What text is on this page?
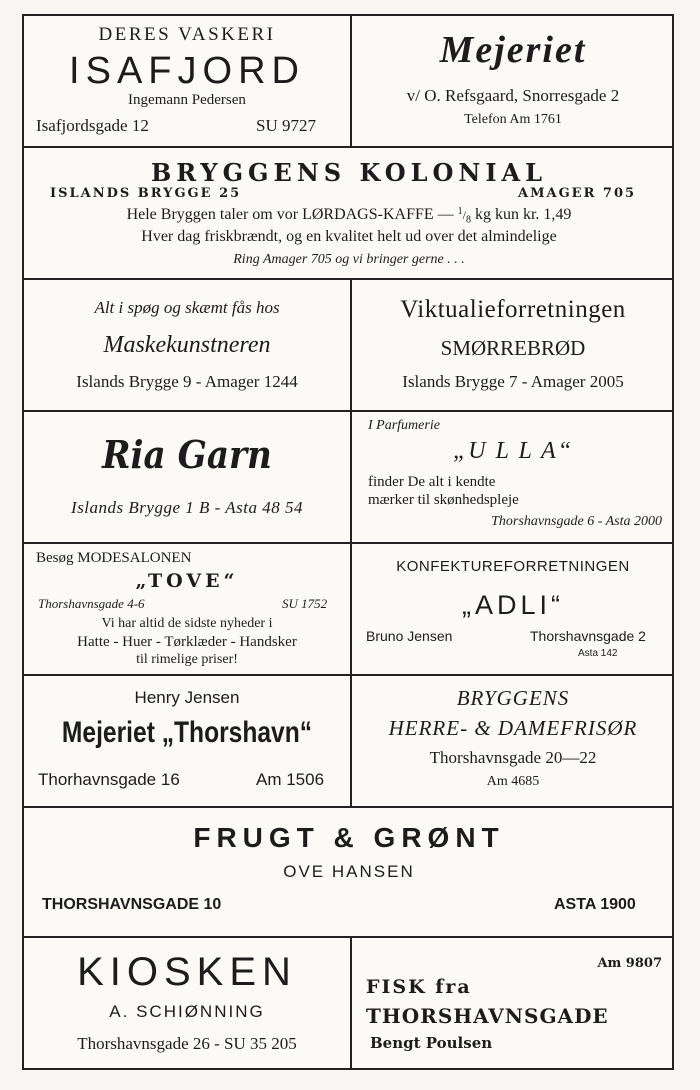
DERES VASKERI
ISAFJORD
Ingemann Pedersen
Isafjordsgade 12	SU 9727
Mejeriet
v/ O. Refsgaard, Snorresgade 2
Telefon Am 1761
BRYGGENS KOLONIAL
ISLANDS BRYGGE 25	AMAGER 705
Hele Bryggen taler om vor LØRDAGS-KAFFE — $^1/_8$ kg kun kr. 1,49
Hver dag friskbrændt, og en kvalitet helt ud over det almindelige
Ring Amager 705 og vi bringer gerne . . .
Alt i spøg og skæmt fås hos
Maskekunstneren
Islands Brygge 9 - Amager 1244
Viktualieforretningen
SMØRREBRØD
Islands Brygge 7 - Amager 2005
Ria Garn
Islands Brygge 1 B - Asta 48 54
I Parfumerie
„U L L A“
finder De alt i kendte
mærker til skønhedspleje
Thorshavnsgade 6 - Asta 2000
Besøg MODESALONEN
„TOVE“
Thorshavnsgade 4-6	SU 1752
Vi har altid de sidste nyheder i
Hatte - Huer - Tørklæder - Handsker
til rimelige priser!
KONFEKTUREFORRETNINGEN
„ADLI“
Bruno Jensen	Thorshavnsgade 2
Asta 142
Henry Jensen
Mejeriet „Thorshavn“
Thorhavnsgade 16	Am 1506
BRYGGENS
HERRE- & DAMEFRISØR
Thorshavnsgade 20—22
Am 4685
FRUGT & GRØNT
OVE HANSEN
THORSHAVNSGADE 10	ASTA 1900
KIOSKEN
A. SCHIØNNING
Thorshavnsgade 26 - SU 35 205
Am 9807
FISK fra
THORSHAVNSGADE
Bengt Poulsen
